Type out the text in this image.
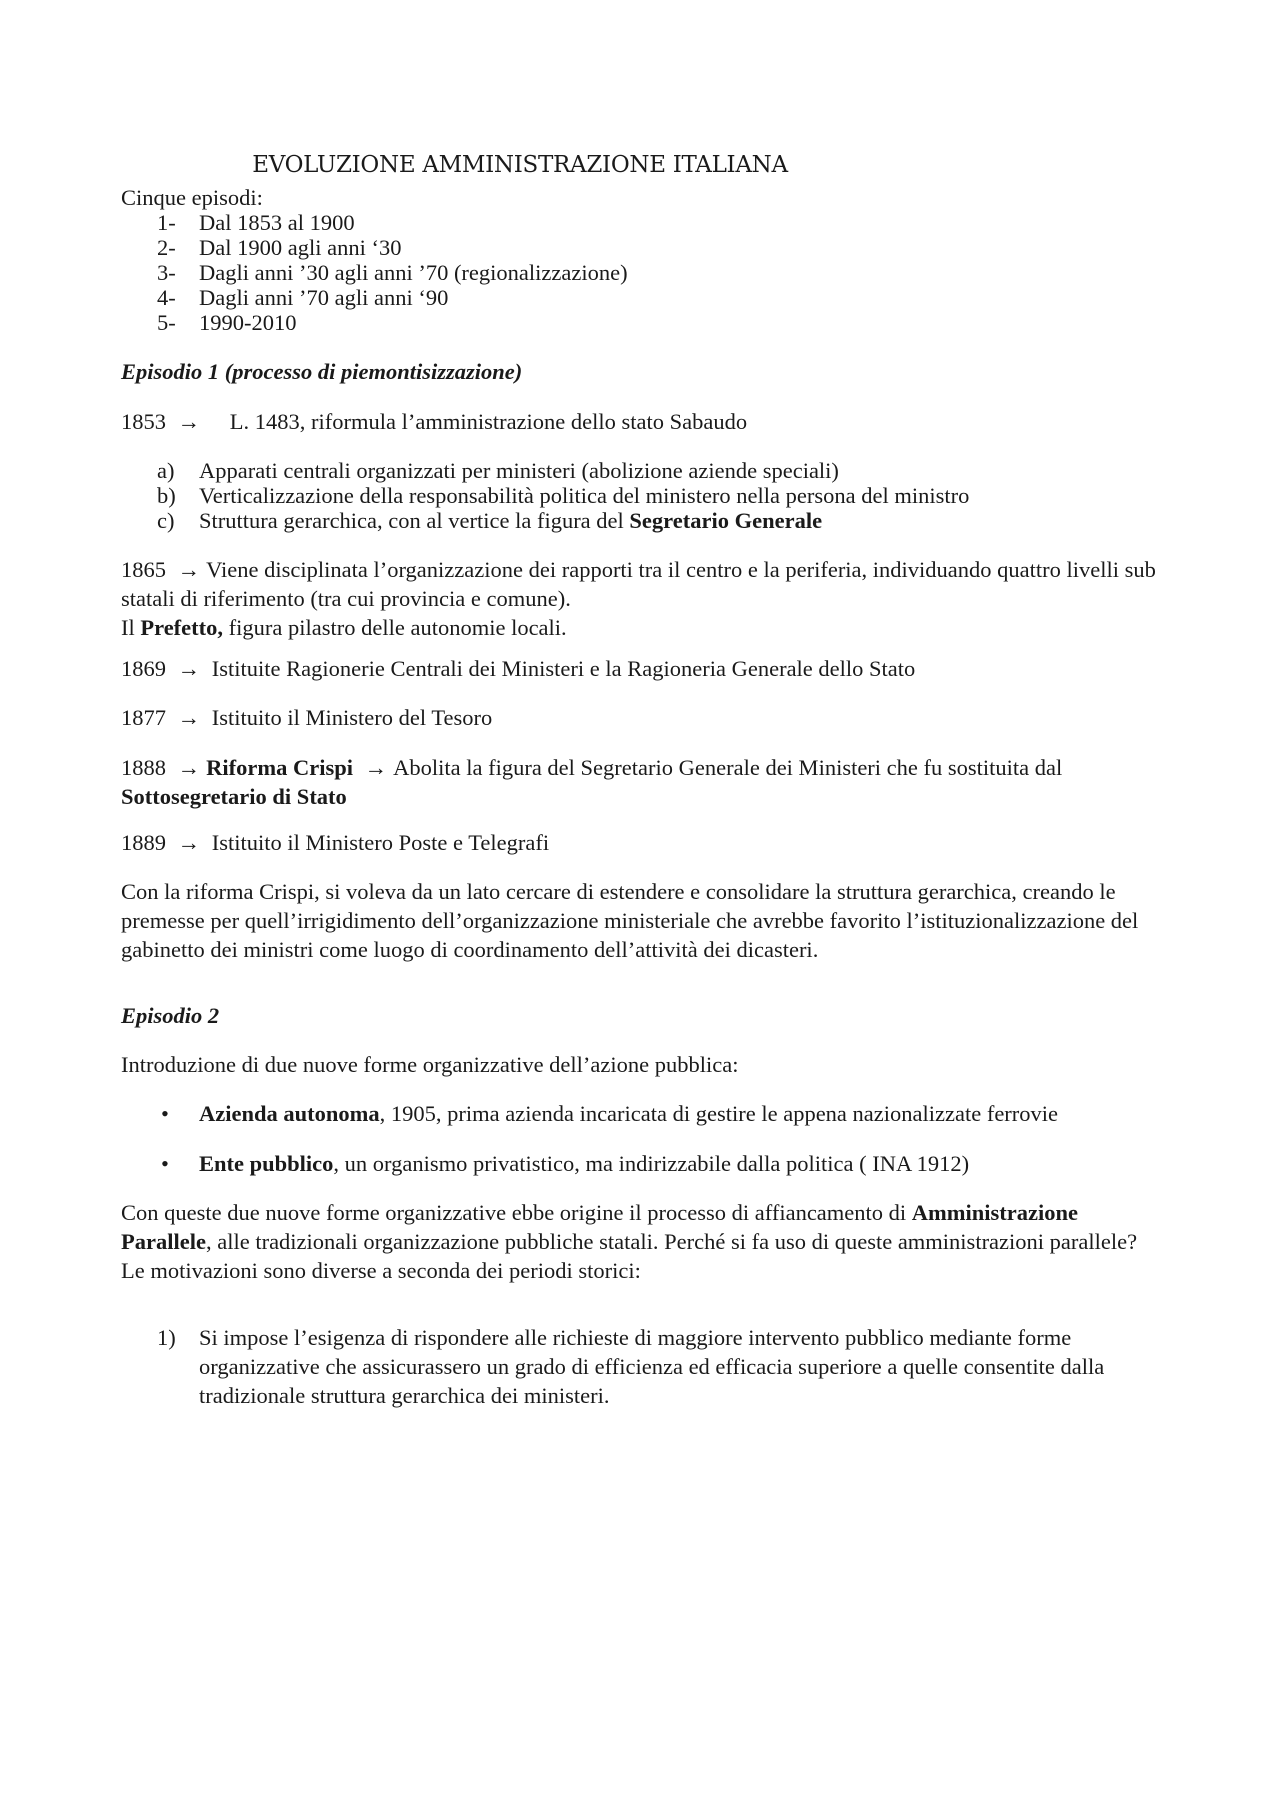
EVOLUZIONE AMMINISTRAZIONE ITALIANA
Cinque episodi:
1- Dal 1853 al 1900
2- Dal 1900 agli anni ‘30
3- Dagli anni ’30 agli anni ’70 (regionalizzazione)
4- Dagli anni ’70 agli anni ‘90
5- 1990-2010
Episodio 1 (processo di piemontisizzazione)
1853 → L. 1483, riformula l’amministrazione dello stato Sabaudo
a) Apparati centrali organizzati per ministeri (abolizione aziende speciali)
b) Verticalizzazione della responsabilità politica del ministero nella persona del ministro
c) Struttura gerarchica, con al vertice la figura del Segretario Generale
1865 → Viene disciplinata l’organizzazione dei rapporti tra il centro e la periferia, individuando quattro livelli sub statali di riferimento (tra cui provincia e comune).
Il Prefetto, figura pilastro delle autonomie locali.
1869 → Istituite Ragionerie Centrali dei Ministeri e la Ragioneria Generale dello Stato
1877 → Istituito il Ministero del Tesoro
1888 → Riforma Crispi → Abolita la figura del Segretario Generale dei Ministeri che fu sostituita dal Sottosegretario di Stato
1889 → Istituito il Ministero Poste e Telegrafi
Con la riforma Crispi, si voleva da un lato cercare di estendere e consolidare la struttura gerarchica, creando le premesse per quell’irrigidimento dell’organizzazione ministeriale che avrebbe favorito l’istituzionalizzazione del gabinetto dei ministri come luogo di coordinamento dell’attività dei dicasteri.
Episodio 2
Introduzione di due nuove forme organizzative dell’azione pubblica:
• Azienda autonoma, 1905, prima azienda incaricata di gestire le appena nazionalizzate ferrovie
• Ente pubblico, un organismo privatistico, ma indirizzabile dalla politica ( INA 1912)
Con queste due nuove forme organizzative ebbe origine il processo di affiancamento di Amministrazione Parallele, alle tradizionali organizzazione pubbliche statali. Perché si fa uso di queste amministrazioni parallele? Le motivazioni sono diverse a seconda dei periodi storici:
1) Si impose l’esigenza di rispondere alle richieste di maggiore intervento pubblico mediante forme organizzative che assicurassero un grado di efficienza ed efficacia superiore a quelle consentite dalla tradizionale struttura gerarchica dei ministeri.
